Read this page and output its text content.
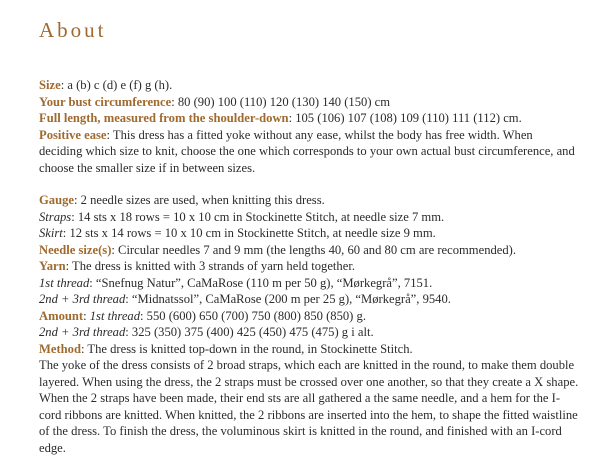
About

Size: a (b) c (d) e (f) g (h).

Your bust circumference: 80 (90) 100 (110) 120 (130) 140 (150) cm

Full length, measured from the shoulder-down: 105 (106) 107 (108) 109 (110) 111 (112) cm.

Positive ease: This dress has a fitted yoke without any ease, whilst the body has free width. When deciding which size to knit, choose the one which corresponds to your own actual bust circumference, and choose the smaller size if in between sizes.

Gauge: 2 needle sizes are used, when knitting this dress.

Straps: 14 sts x 18 rows = 10 x 10 cm in Stockinette Stitch, at needle size 7 mm.

Skirt: 12 sts x 14 rows = 10 x 10 cm in Stockinette Stitch, at needle size 9 mm.

Needle size(s): Circular needles 7 and 9 mm (the lengths 40, 60 and 80 cm are recommended).

Yarn: The dress is knitted with 3 strands of yarn held together.

1st thread: “Snefnug Natur”, CaMaRose (110 m per 50 g), “Mørkegrå”, 7151.

2nd + 3rd thread: “Midnatssol”, CaMaRose (200 m per 25 g), “Mørkegrå”, 9540.

Amount: 1st thread: 550 (600) 650 (700) 750 (800) 850 (850) g.

2nd + 3rd thread: 325 (350) 375 (400) 425 (450) 475 (475) g i alt.

Method: The dress is knitted top-down in the round, in Stockinette Stitch.

The yoke of the dress consists of 2 broad straps, which each are knitted in the round, to make them double layered. When using the dress, the 2 straps must be crossed over one another, so that they create a X shape. When the 2 straps have been made, their end sts are all gathered a the same needle, and a hem for the I-cord ribbons are knitted. When knitted, the 2 ribbons are inserted into the hem, to shape the fitted waistline of the dress. To finish the dress, the voluminous skirt is knitted in the round, and finished with an I-cord edge.
